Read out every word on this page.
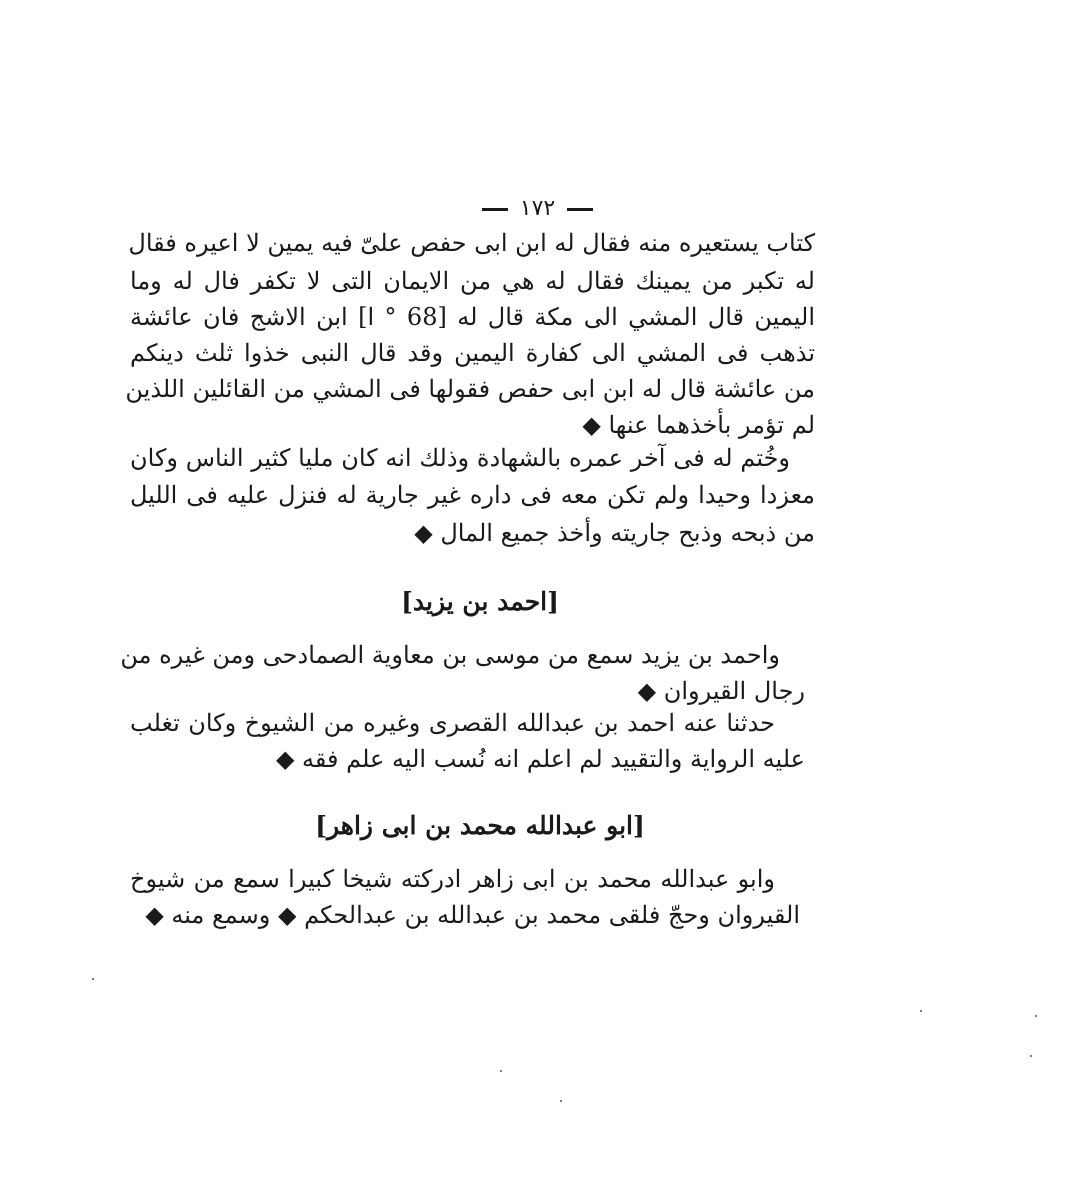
١٧٢
كتاب يستعيره منه فقال له ابن ابى حفص علىّ فيه يمين لا اعيره فقال
له تكبر من يمينك فقال له هي من الايمان التى لا تكفر فال له وما
اليمين قال المشي الى مكة قال له [68 ° ا] ابن الاشج فان عائشة
تذهب فى المشي الى كفارة اليمين وقد قال النبى خذوا ثلث دينكم
من عائشة قال له ابن ابى حفص فقولها فى المشي من القائلين اللذين
لم تؤمر بأخذهما عنها ◆
وخُتم له فى آخر عمره بالشهادة وذلك انه كان مليا كثير الناس وكان
معزدا وحيدا ولم تكن معه فى داره غير جارية له فنزل عليه فى الليل
من ذبحه وذبح جاريته وأخذ جميع المال ◆
[احمد بن يزيد]
واحمد بن يزيد سمع من موسى بن معاوية الصمادحى ومن غيره من
رجال القيروان ◆
حدثنا عنه احمد بن عبدالله القصرى وغيره من الشيوخ وكان تغلب
عليه الرواية والتقييد لم اعلم انه نُسب اليه علم فقه ◆
[ابو عبدالله محمد بن ابى زاهر]
وابو عبدالله محمد بن ابى زاهر ادركته شيخا كبيرا سمع من شيوخ
القيروان وحجّ فلقى محمد بن عبدالله بن عبدالحكم ◆ وسمع منه ◆
